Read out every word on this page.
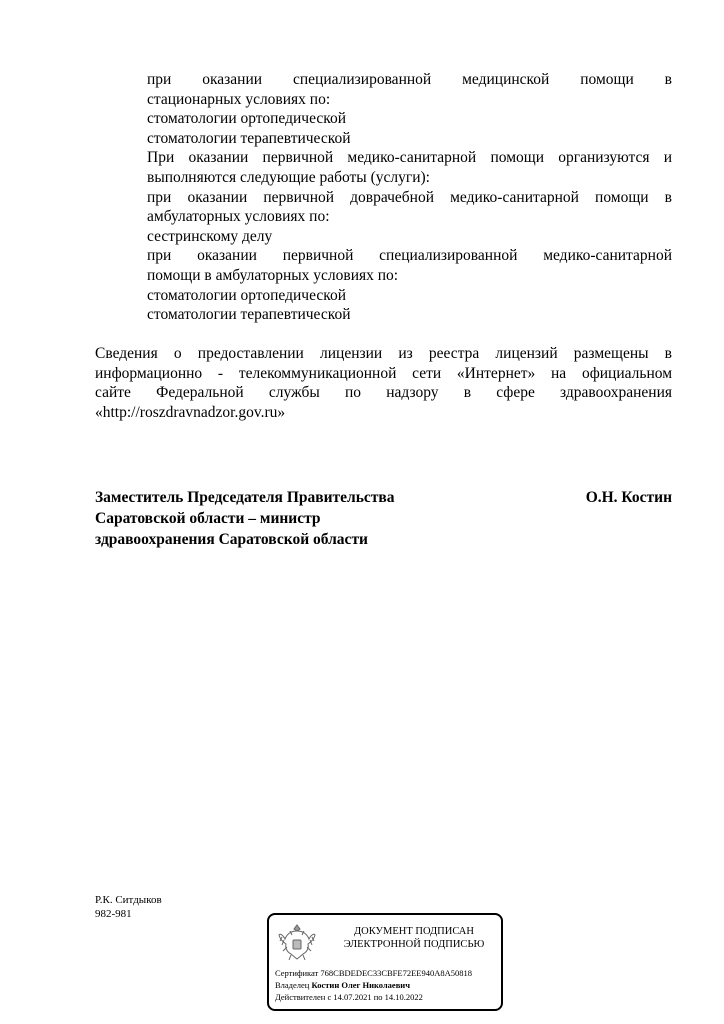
при оказании специализированной медицинской помощи в

стационарных условиях по:

стоматологии ортопедической

стоматологии терапевтической

При оказании первичной медико-санитарной помощи организуются и

выполняются следующие работы (услуги):

при оказании первичной доврачебной медико-санитарной помощи в

амбулаторных условиях по:

сестринскому делу

при оказании первичной специализированной медико-санитарной

помощи в амбулаторных условиях по:

стоматологии ортопедической

стоматологии терапевтической

Сведения о предоставлении лицензии из реестра лицензий размещены в

информационно - телекоммуникационной сети «Интернет» на официальном

сайте Федеральной службы по надзору в сфере здравоохранения

«http://roszdravnadzor.gov.ru»

Заместитель Председателя Правительства
Саратовской области – министр
здравоохранения Саратовской области
О.Н. Костин
Р.К. Ситдыков
982-981
ДОКУМЕНТ ПОДПИСАН
ЭЛЕКТРОННОЙ ПОДПИСЬЮ
Сертификат 768CBDEDEC33CBFE72EE940A8A50818
Владелец Костин Олег Николаевич
Действителен с 14.07.2021 по 14.10.2022
